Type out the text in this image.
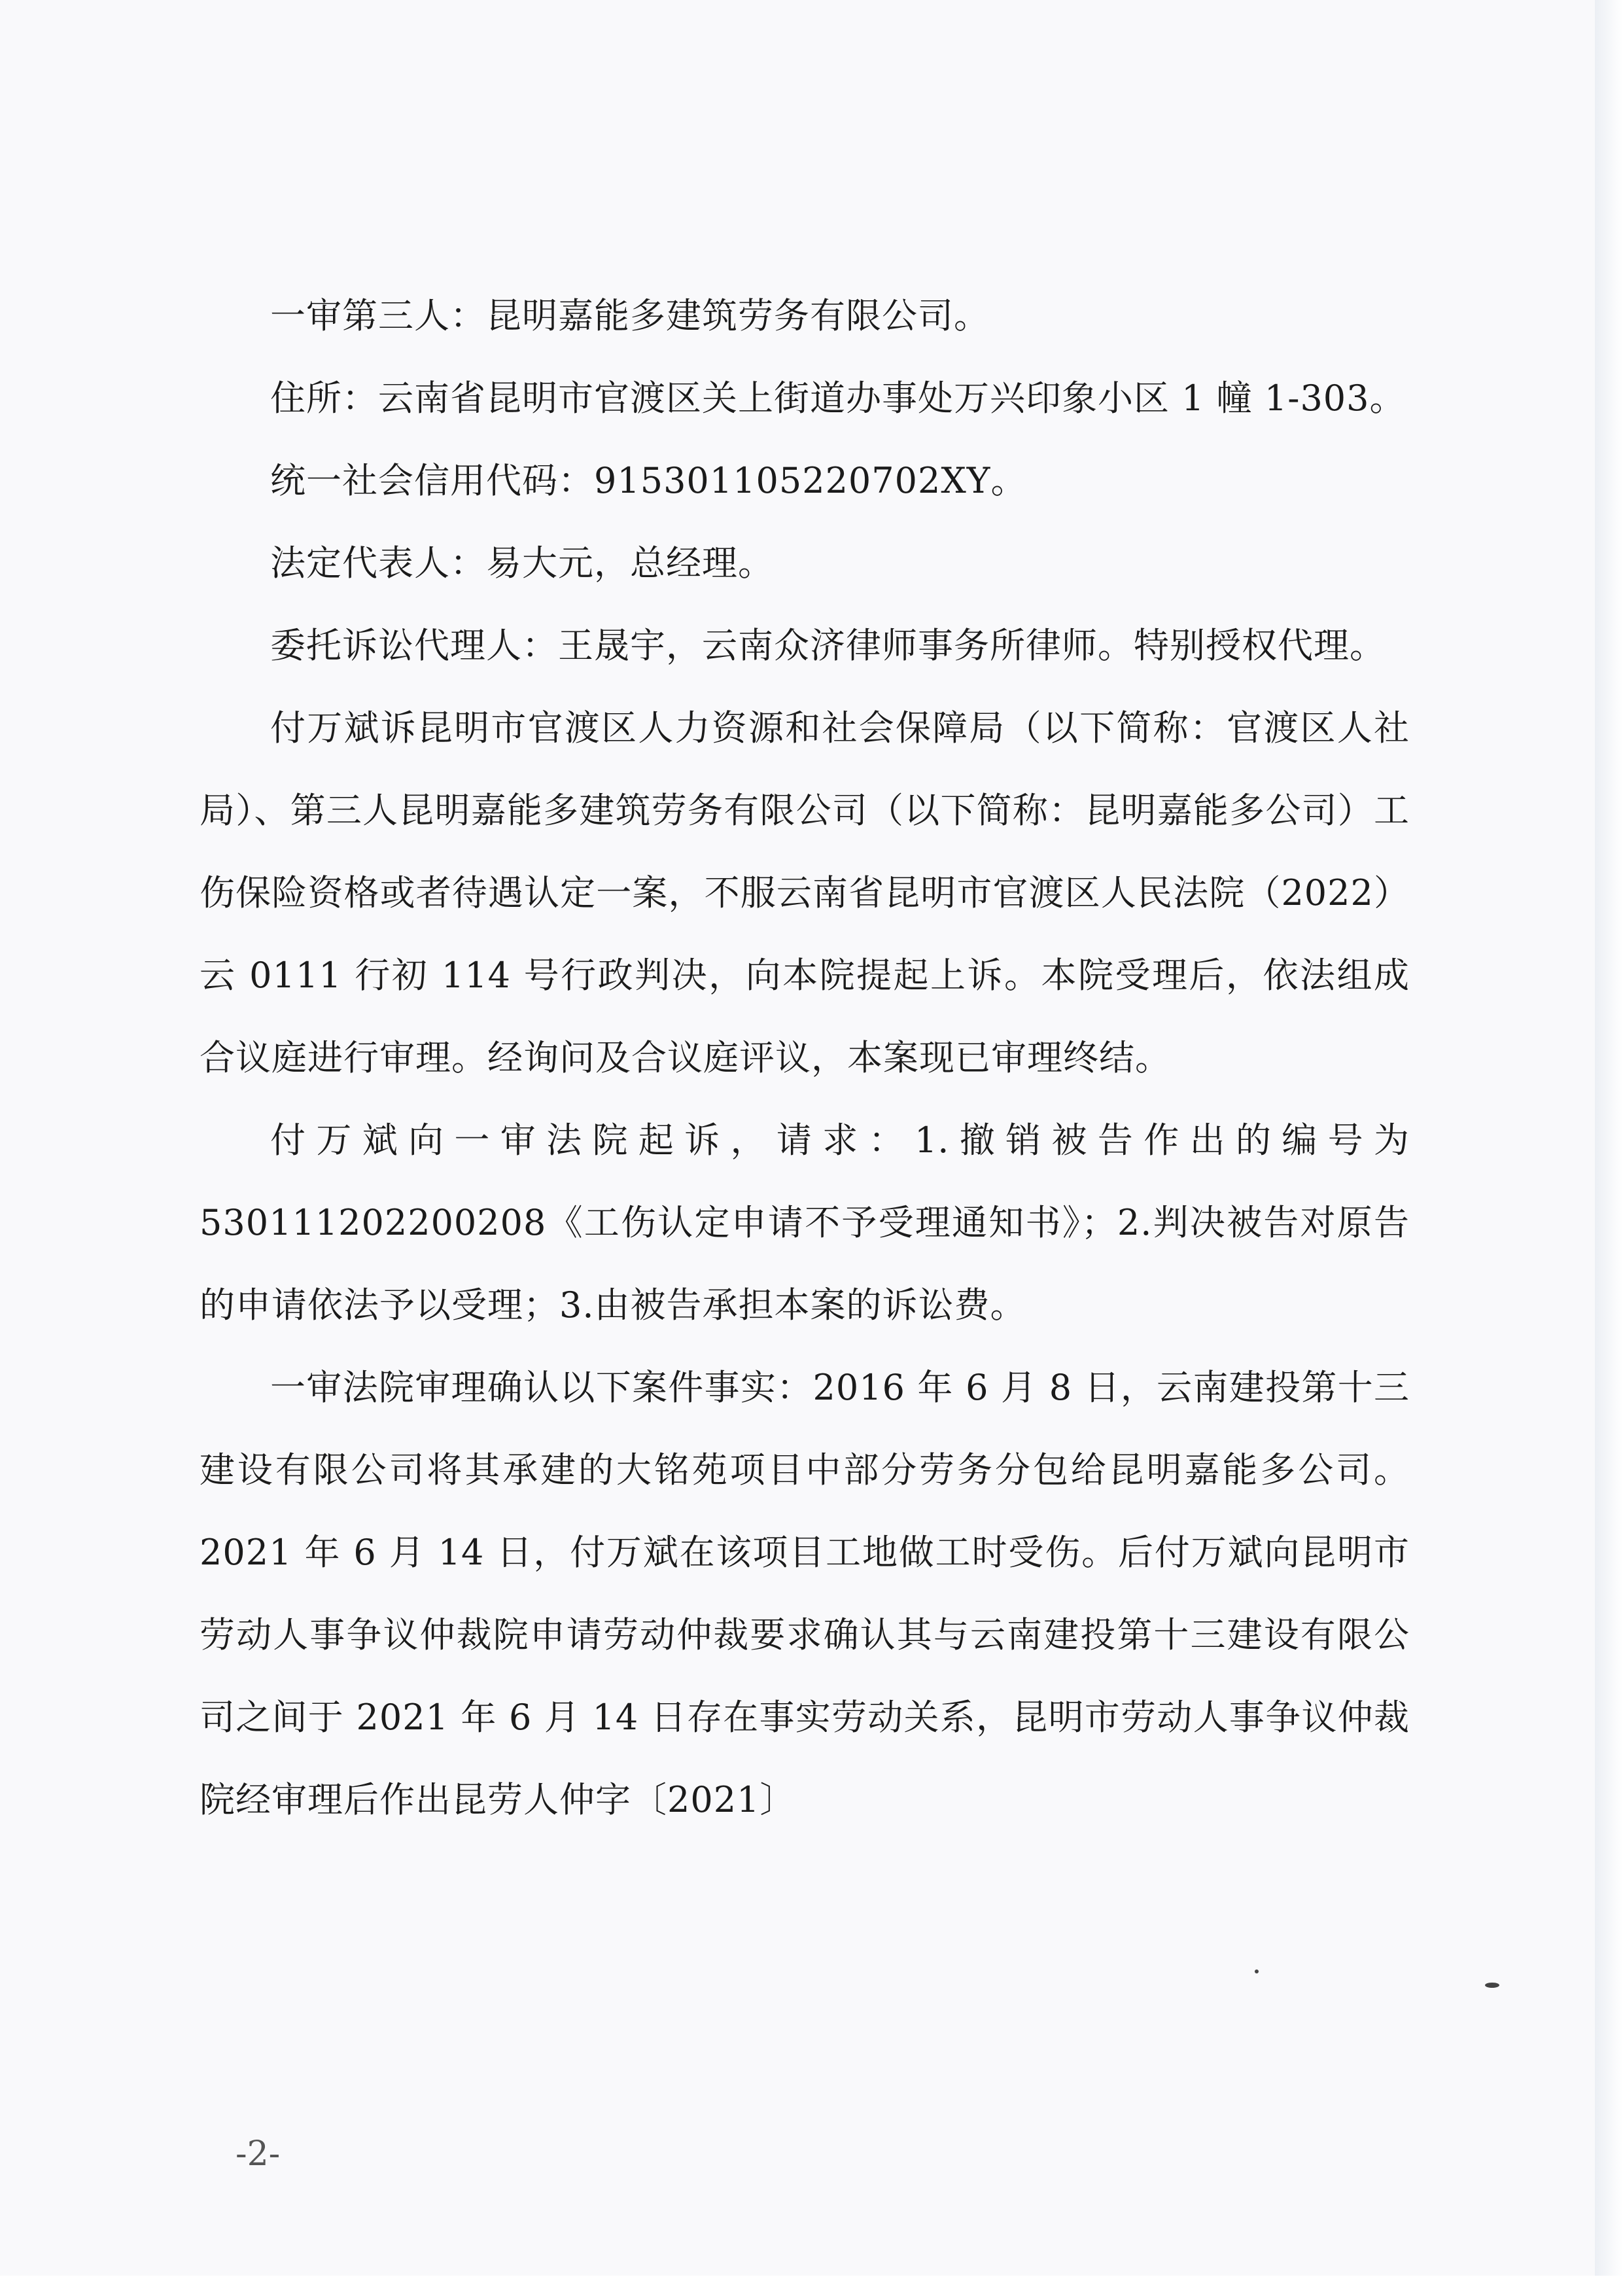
一审第三人：昆明嘉能多建筑劳务有限公司。

住所：云南省昆明市官渡区关上街道办事处万兴印象小区 1 幢 1-303。

统一社会信用代码：915301105220702XY。

法定代表人：易大元，总经理。

委托诉讼代理人：王晟宇，云南众济律师事务所律师。特别授权代理。

付万斌诉昆明市官渡区人力资源和社会保障局（以下简称：官渡区人社局）、第三人昆明嘉能多建筑劳务有限公司（以下简称：昆明嘉能多公司）工伤保险资格或者待遇认定一案，不服云南省昆明市官渡区人民法院（2022）云 0111 行初 114 号行政判决，向本院提起上诉。本院受理后，依法组成合议庭进行审理。经询问及合议庭评议，本案现已审理终结。

付万斌向一审法院起诉，请求：1.撤销被告作出的编号为 530111202200208《工伤认定申请不予受理通知书》；2.判决被告对原告的申请依法予以受理；3.由被告承担本案的诉讼费。

一审法院审理确认以下案件事实：2016 年 6 月 8 日，云南建投第十三建设有限公司将其承建的大铭苑项目中部分劳务分包给昆明嘉能多公司。2021 年 6 月 14 日，付万斌在该项目工地做工时受伤。后付万斌向昆明市劳动人事争议仲裁院申请劳动仲裁要求确认其与云南建投第十三建设有限公司之间于 2021 年 6 月 14 日存在事实劳动关系，昆明市劳动人事争议仲裁院经审理后作出昆劳人仲字〔2021〕

-2-
